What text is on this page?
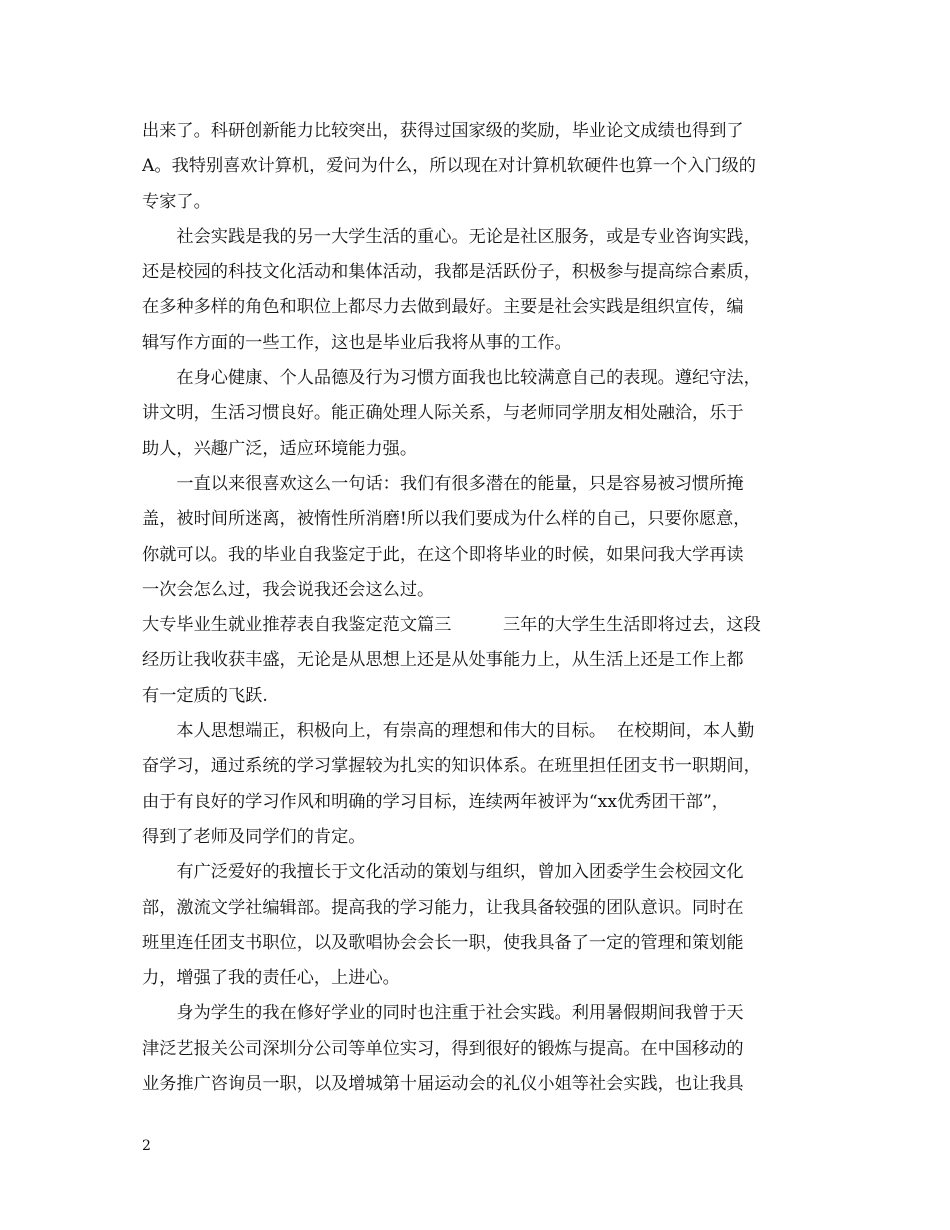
出来了。科研创新能力比较突出，获得过国家级的奖励，毕业论文成绩也得到了
A。我特别喜欢计算机，爱问为什么，所以现在对计算机软硬件也算一个入门级的
专家了。
　　社会实践是我的另一大学生活的重心。无论是社区服务，或是专业咨询实践，
还是校园的科技文化活动和集体活动，我都是活跃份子，积极参与提高综合素质，
在多种多样的角色和职位上都尽力去做到最好。主要是社会实践是组织宣传，编
辑写作方面的一些工作，这也是毕业后我将从事的工作。
　　在身心健康、个人品德及行为习惯方面我也比较满意自己的表现。遵纪守法，
讲文明，生活习惯良好。能正确处理人际关系，与老师同学朋友相处融洽，乐于
助人，兴趣广泛，适应环境能力强。
　　一直以来很喜欢这么一句话：我们有很多潜在的能量，只是容易被习惯所掩
盖，被时间所迷离，被惰性所消磨!所以我们要成为什么样的自己，只要你愿意，
你就可以。我的毕业自我鉴定于此，在这个即将毕业的时候，如果问我大学再读
一次会怎么过，我会说我还会这么过。
大专毕业生就业推荐表自我鉴定范文篇三　　　三年的大学生生活即将过去，这段
经历让我收获丰盛，无论是从思想上还是从处事能力上，从生活上还是工作上都
有一定质的飞跃.
　　本人思想端正，积极向上，有崇高的理想和伟大的目标。  在校期间，本人勤
奋学习，通过系统的学习掌握较为扎实的知识体系。在班里担任团支书一职期间，
由于有良好的学习作风和明确的学习目标，连续两年被评为“xx优秀团干部”，
得到了老师及同学们的肯定。
　　有广泛爱好的我擅长于文化活动的策划与组织，曾加入团委学生会校园文化
部，激流文学社编辑部。提高我的学习能力，让我具备较强的团队意识。同时在
班里连任团支书职位，以及歌唱协会会长一职，使我具备了一定的管理和策划能
力，增强了我的责任心，上进心。
　　身为学生的我在修好学业的同时也注重于社会实践。利用暑假期间我曾于天
津泛艺报关公司深圳分公司等单位实习，得到很好的锻炼与提高。在中国移动的
业务推广咨询员一职，以及增城第十届运动会的礼仪小姐等社会实践，也让我具
2
